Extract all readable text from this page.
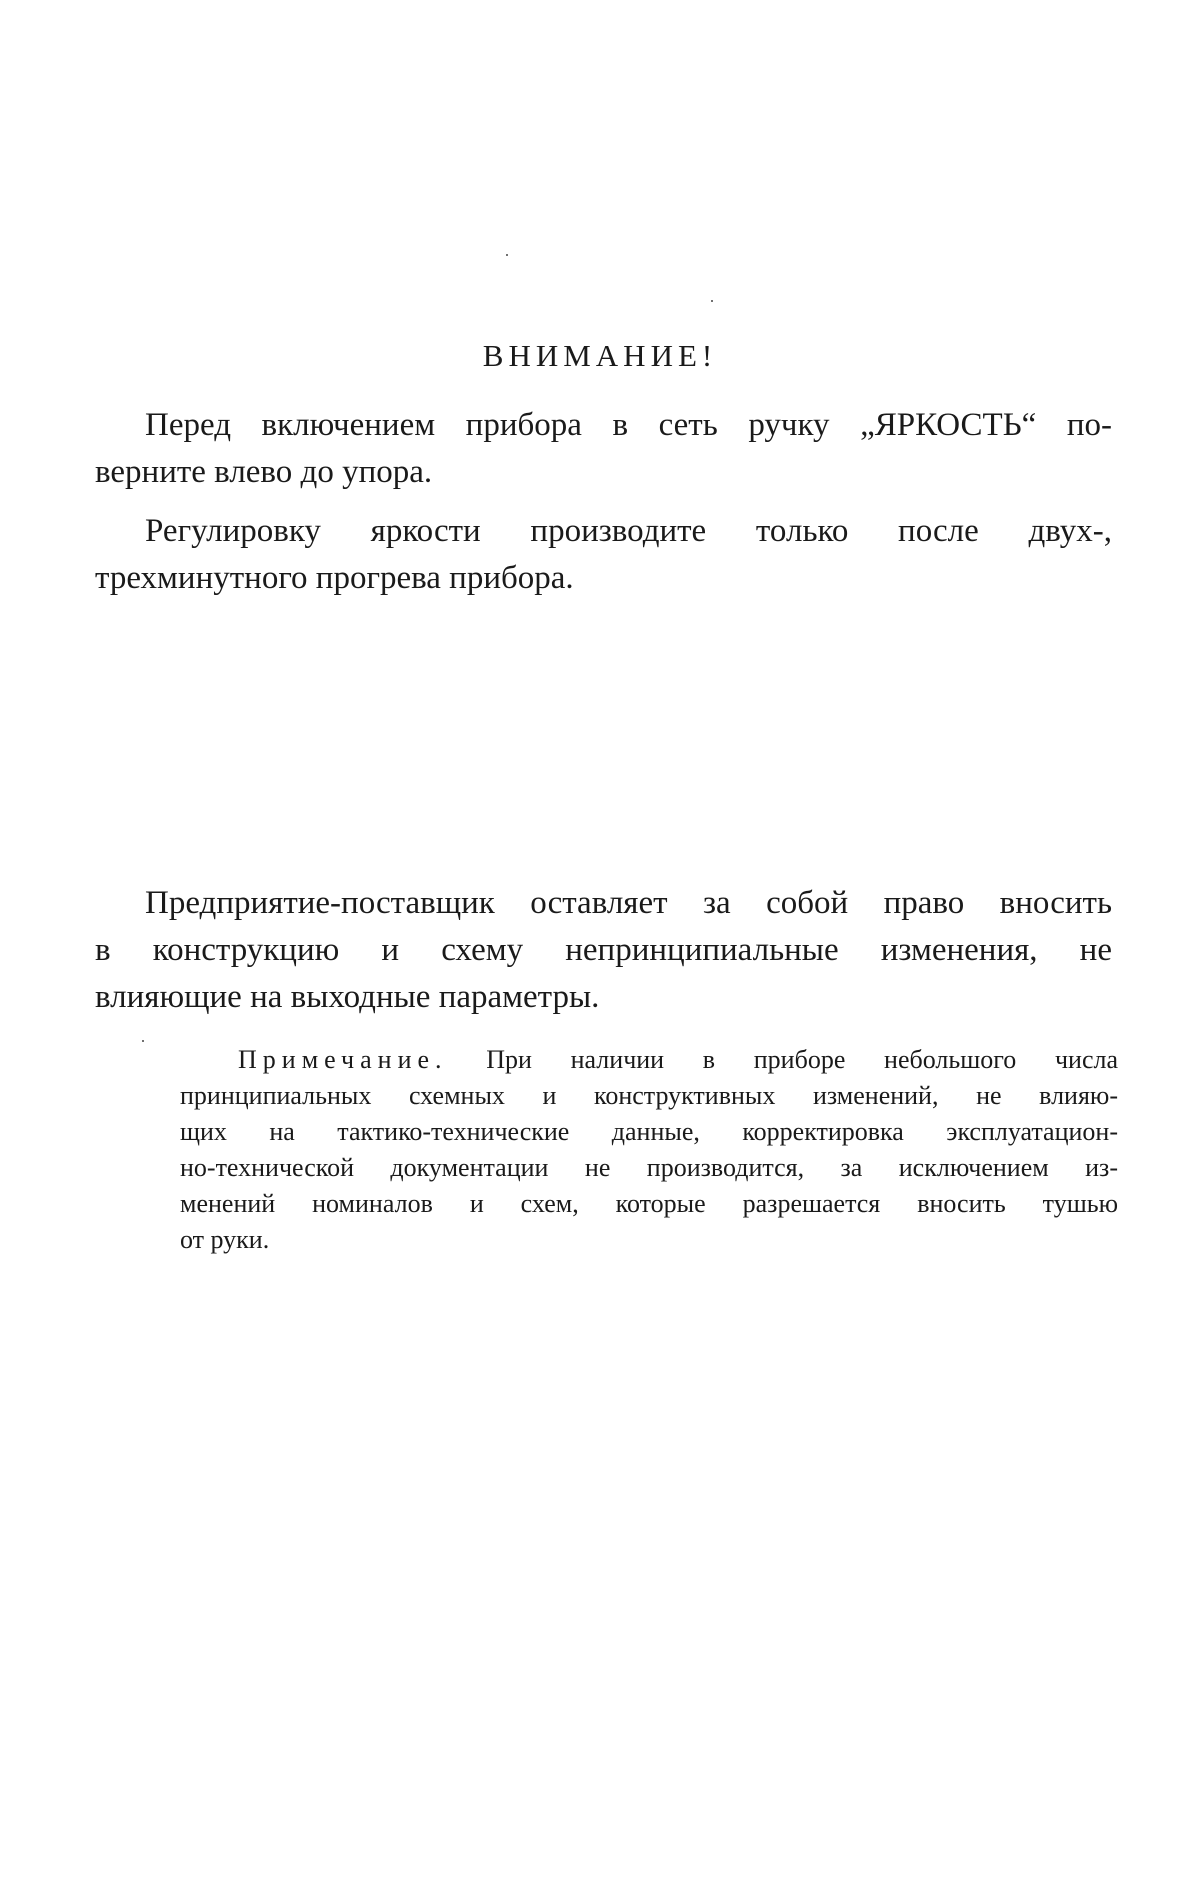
ВНИМАНИЕ!
Перед включением прибора в сеть ручку „ЯРКОСТЬ“ по-
верните влево до упора.
Регулировку яркости производите только после двух-,
трехминутного прогрева прибора.
Предприятие-поставщик оставляет за собой право вносить
в конструкцию и схему непринципиальные изменения, не
влияющие на выходные параметры.
Примечание. При наличии в приборе небольшого числа
принципиальных схемных и конструктивных изменений, не влияю-
щих на тактико-технические данные, корректировка эксплуатацион-
но-технической документации не производится, за исключением из-
менений номиналов и схем, которые разрешается вносить тушью
от руки.
